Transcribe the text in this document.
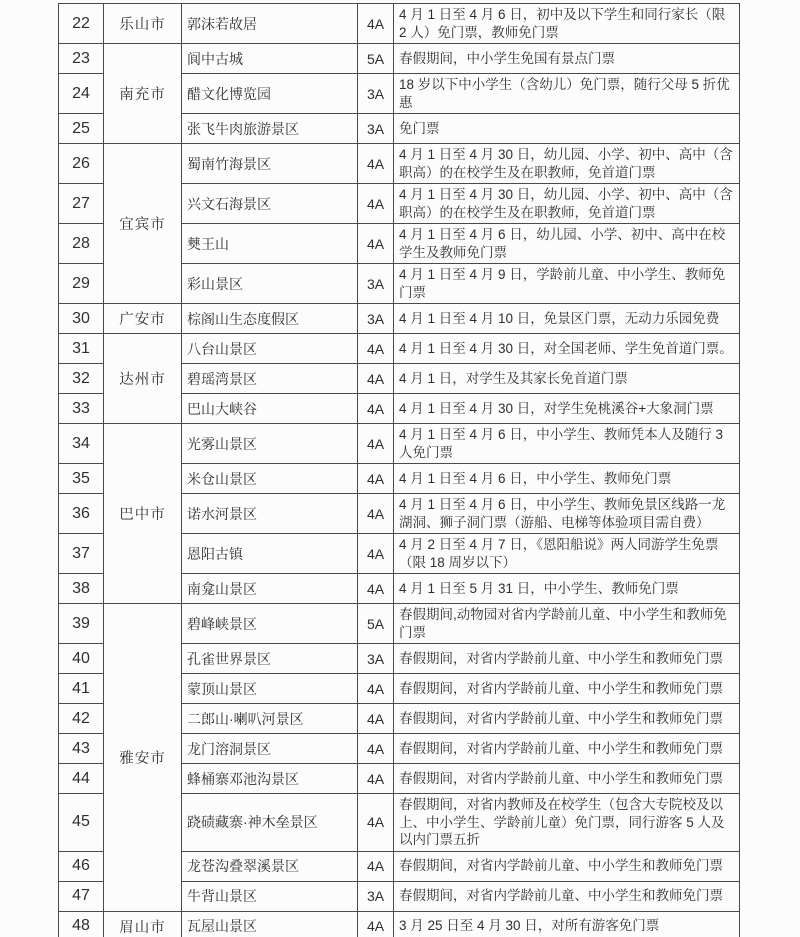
22	乐山市	郭沫若故居	4A	4 月 1 日至 4 月 6 日，初中及以下学生和同行家长（限 2 人）免门票，教师免门票
23	南充市	阆中古城	5A	春假期间，中小学生免国有景点门票
24		醋文化博览园	3A	18 岁以下中小学生（含幼儿）免门票，随行父母 5 折优惠
25		张飞牛肉旅游景区	3A	免门票
26	宜宾市	蜀南竹海景区	4A	4 月 1 日至 4 月 30 日，幼儿园、小学、初中、高中（含职高）的在校学生及在职教师，免首道门票
27		兴文石海景区	4A	4 月 1 日至 4 月 30 日，幼儿园、小学、初中、高中（含职高）的在校学生及在职教师，免首道门票
28		僰王山	4A	4 月 1 日至 4 月 6 日，幼儿园、小学、初中、高中在校学生及教师免门票
29		彩山景区	3A	4 月 1 日至 4 月 9 日，学龄前儿童、中小学生、教师免门票
30	广安市	棕阁山生态度假区	3A	4 月 1 日至 4 月 10 日，免景区门票，无动力乐园免费
31	达州市	八台山景区	4A	4 月 1 日至 4 月 30 日，对全国老师、学生免首道门票。
32		碧瑶湾景区	4A	4 月 1 日，对学生及其家长免首道门票
33		巴山大峡谷	4A	4 月 1 日至 4 月 30 日，对学生免桃溪谷+大象洞门票
34	巴中市	光雾山景区	4A	4 月 1 日至 4 月 6 日，中小学生、教师凭本人及随行 3 人免门票
35		米仓山景区	4A	4 月 1 日至 4 月 6 日，中小学生、教师免门票
36		诺水河景区	4A	4 月 1 日至 4 月 6 日，中小学生、教师免景区线路一龙湖洞、狮子洞门票（游船、电梯等体验项目需自费）
37		恩阳古镇	4A	4 月 2 日至 4 月 7 日，《恩阳船说》两人同游学生免票（限 18 周岁以下）
38		南龛山景区	4A	4 月 1 日至 5 月 31 日，中小学生、教师免门票
39	雅安市	碧峰峡景区	5A	春假期间,动物园对省内学龄前儿童、中小学生和教师免门票
40		孔雀世界景区	3A	春假期间，对省内学龄前儿童、中小学生和教师免门票
41		蒙顶山景区	4A	春假期间，对省内学龄前儿童、中小学生和教师免门票
42		二郎山·喇叭河景区	4A	春假期间，对省内学龄前儿童、中小学生和教师免门票
43		龙门溶洞景区	4A	春假期间，对省内学龄前儿童、中小学生和教师免门票
44		蜂桶寨邓池沟景区	4A	春假期间，对省内学龄前儿童、中小学生和教师免门票
45		跷碛藏寨·神木垒景区	4A	春假期间，对省内教师及在校学生（包含大专院校及以上、中小学生、学龄前儿童）免门票，同行游客 5 人及以内门票五折
46		龙苍沟叠翠溪景区	4A	春假期间，对省内学龄前儿童、中小学生和教师免门票
47		牛背山景区	3A	春假期间，对省内学龄前儿童、中小学生和教师免门票
48	眉山市	瓦屋山景区	4A	3 月 25 日至 4 月 30 日，对所有游客免门票
